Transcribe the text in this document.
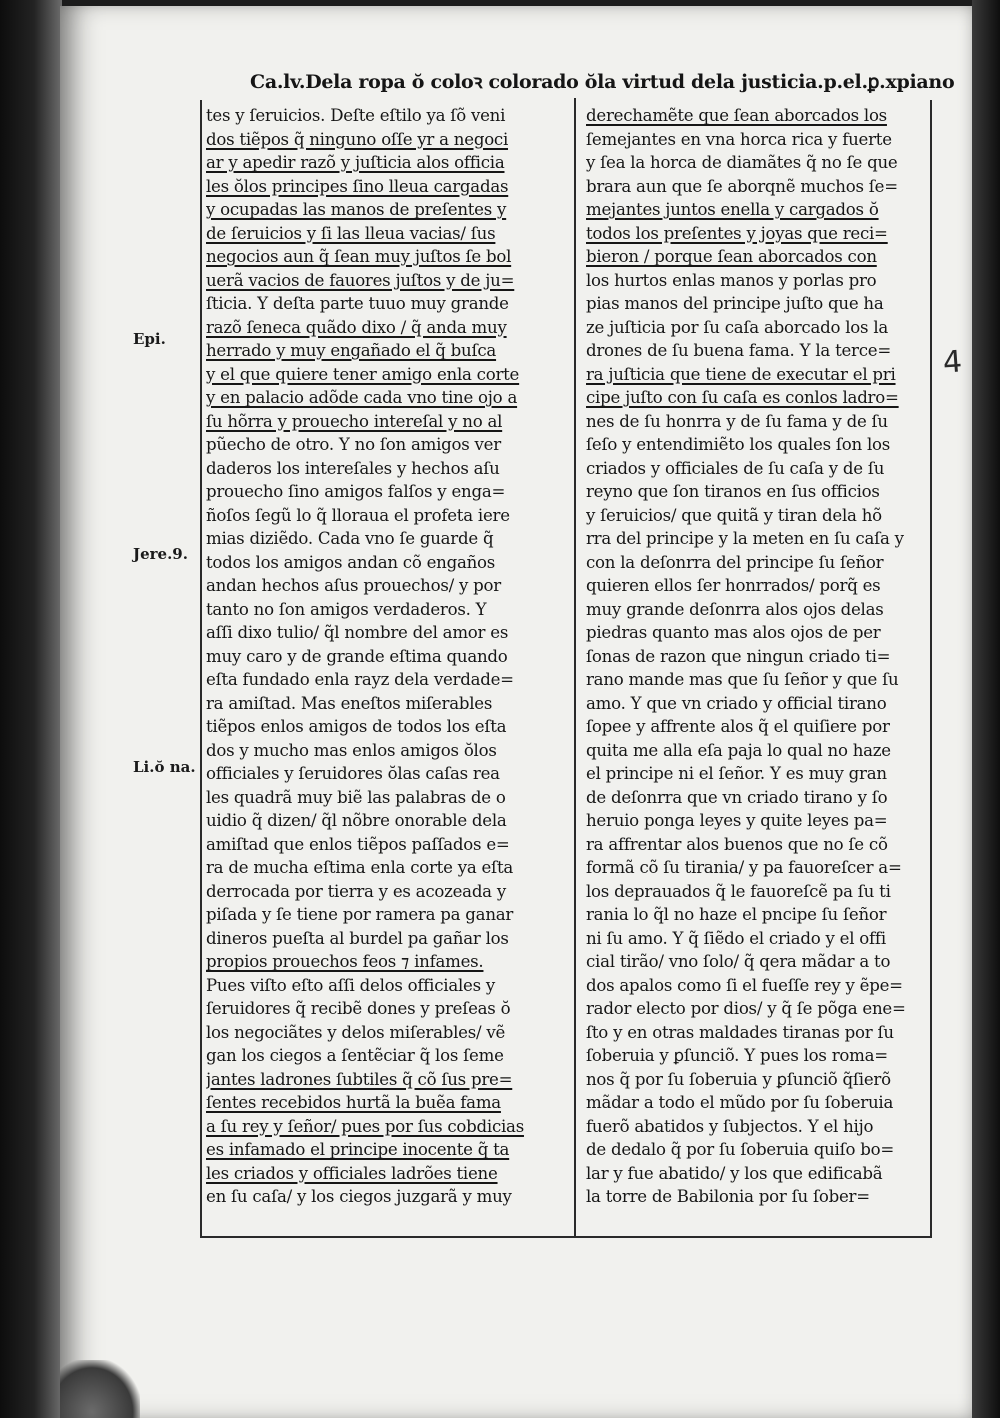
Ca.lv.Dela ropa ŏ coloꝛ colorado ŏla virtud dela justicia.p.el.ꝑ.xpiano
Epi.
Jere.9.
Li.ŏ na.
4
tes y ſeruicios. Deſte eſtilo ya ſõ veni
dos tiẽpos q̃ ninguno oſſe yr a negoci
ar y apedir razõ y juſticia alos officia
les ŏlos principes ſino lleua cargadas
y ocupadas las manos de preſentes y
de ſeruicios y ſi las lleua vacias/ ſus
negocios aun q̃ ſean muy juſtos ſe bol
uerã vacios de fauores juſtos y de ju=
ſticia. Y deſta parte tuuo muy grande
razõ ſeneca quãdo dixo / q̃ anda muy
herrado y muy engañado el q̃ buſca
y el que quiere tener amigo enla corte
y en palacio adõde cada vno tine ojo a
ſu hõrra y prouecho intereſal y no al
pũecho de otro. Y no ſon amigos ver
daderos los intereſales y hechos aſu
prouecho ſino amigos falſos y enga=
ñoſos ſegũ lo q̃ lloraua el profeta iere
mias diziẽdo. Cada vno ſe guarde q̃
todos los amigos andan cõ engaños
andan hechos aſus prouechos/ y por
tanto no ſon amigos verdaderos. Y
aſſi dixo tulio/ q̃l nombre del amor es
muy caro y de grande eſtima quando
eſta fundado enla rayz dela verdade=
ra amiſtad. Mas eneſtos miſerables
tiẽpos enlos amigos de todos los eſta
dos y mucho mas enlos amigos ŏlos
officiales y ſeruidores ŏlas caſas rea
les quadrã muy biẽ las palabras de o
uidio q̃ dizen/ q̃l nõbre onorable dela
amiſtad que enlos tiẽpos paſſados e=
ra de mucha eſtima enla corte ya eſta
derrocada por tierra y es acozeada y
piſada y ſe tiene por ramera pa ganar
dineros pueſta al burdel pa gañar los
propios prouechos feos ⁊ infames.
Pues viſto eſto aſſi delos officiales y
ſeruidores q̃ recibẽ dones y preſeas ŏ
los negociãtes y delos miſerables/ vẽ
gan los ciegos a ſentẽciar q̃ los ſeme
jantes ladrones ſubtiles q̃ cõ ſus pre=
ſentes recebidos hurtã la buẽa fama
a ſu rey y ſeñor/ pues por ſus cobdicias
es infamado el principe inocente q̃ ta
les criados y officiales ladrões tiene
en ſu caſa/ y los ciegos juzgarã y muy
derechamẽte que ſean aborcados los
ſemejantes en vna horca rica y fuerte
y ſea la horca de diamãtes q̃ no ſe que
brara aun que ſe aborqnẽ muchos ſe=
mejantes juntos enella y cargados ŏ
todos los preſentes y joyas que reci=
bieron / porque ſean aborcados con
los hurtos enlas manos y porlas pro
pias manos del principe juſto que ha
ze juſticia por ſu caſa aborcado los la
drones de ſu buena fama. Y la terce=
ra juſticia que tiene de executar el pri
cipe juſto con ſu caſa es conlos ladro=
nes de ſu honrra y de ſu fama y de ſu
ſeſo y entendimiẽto los quales ſon los
criados y officiales de ſu caſa y de ſu
reyno que ſon tiranos en ſus officios
y ſeruicios/ que quitã y tiran dela hõ
rra del principe y la meten en ſu caſa y
con la deſonrra del principe ſu ſeñor
quieren ellos ſer honrrados/ porq̃ es
muy grande deſonrra alos ojos delas
piedras quanto mas alos ojos de per
ſonas de razon que ningun criado ti=
rano mande mas que ſu ſeñor y que ſu
amo. Y que vn criado y official tirano
ſopee y affrente alos q̃ el quiſiere por
quita me alla eſa paja lo qual no haze
el principe ni el ſeñor. Y es muy gran
de deſonrra que vn criado tirano y ſo
heruio ponga leyes y quite leyes pa=
ra affrentar alos buenos que no ſe cõ
formã cõ ſu tirania/ y pa fauoreſcer a=
los deprauados q̃ le fauoreſcẽ pa ſu ti
rania lo q̃l no haze el pncipe ſu ſeñor
ni ſu amo. Y q̃ ſiẽdo el criado y el offi
cial tirão/ vno ſolo/ q̃ qera mãdar a to
dos apalos como ſi el fueſſe rey y ẽpe=
rador electo por dios/ y q̃ ſe põga ene=
ſto y en otras maldades tiranas por ſu
ſoberuia y ꝑſunciõ. Y pues los roma=
nos q̃ por ſu ſoberuia y ꝑſunciõ q̃ſierõ
mãdar a todo el mũdo por ſu ſoberuia
fuerõ abatidos y ſubjectos. Y el hijo
de dedalo q̃ por ſu ſoberuia quiſo bo=
lar y fue abatido/ y los que edificabã
la torre de Babilonia por ſu ſober=
